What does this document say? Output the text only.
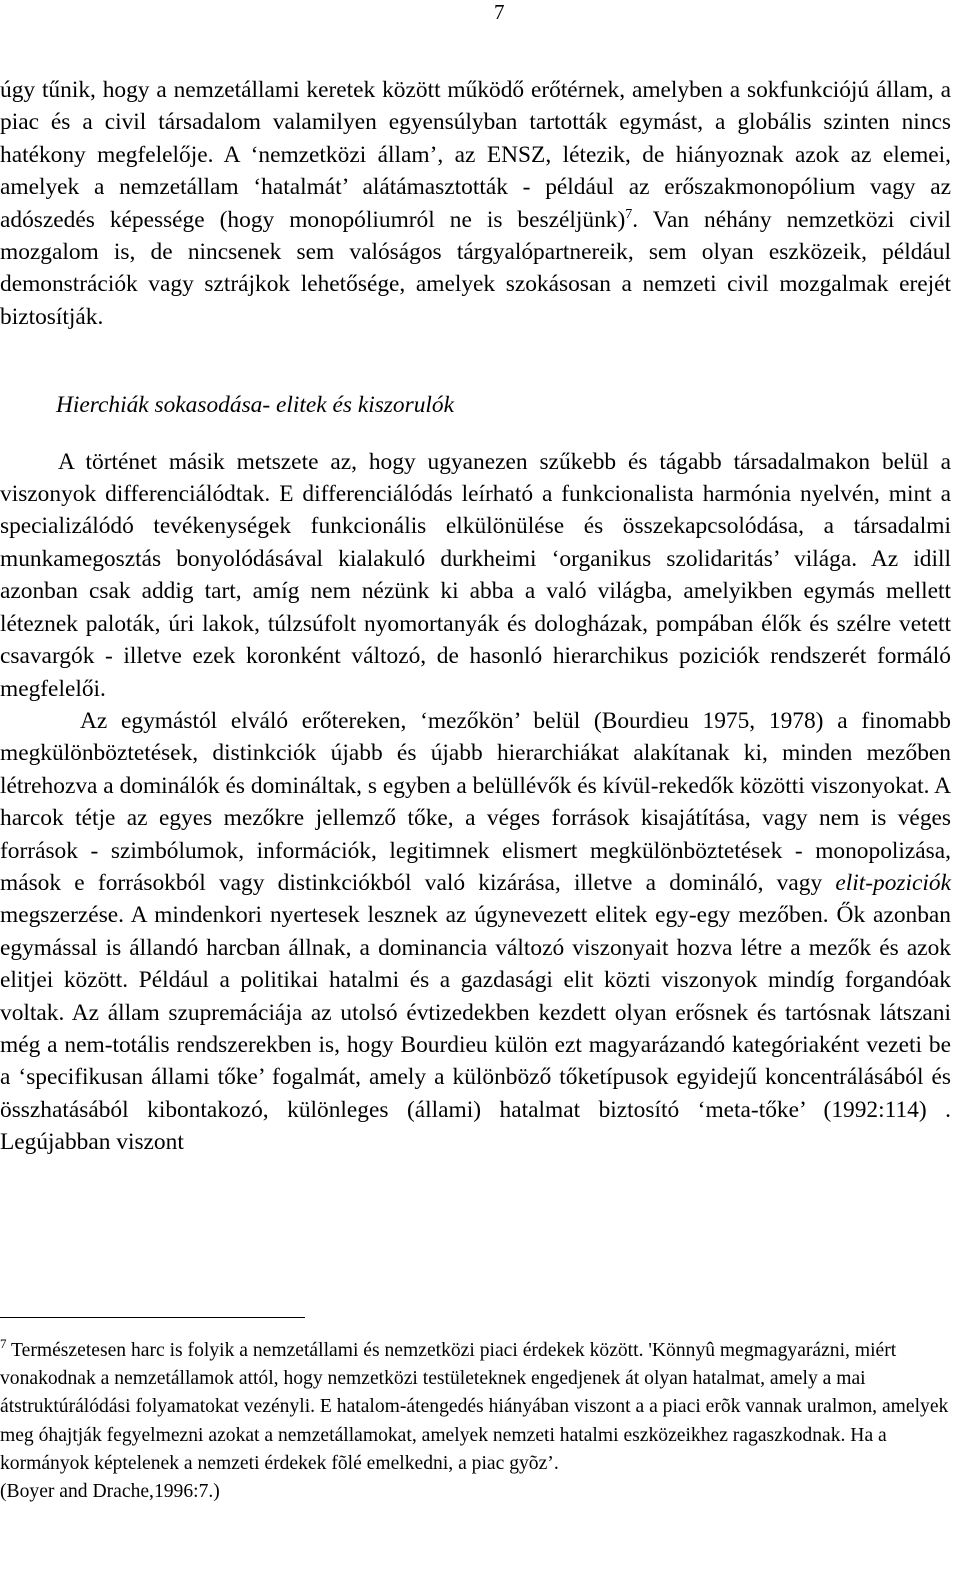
7

úgy tűnik, hogy a nemzetállami keretek között működő erőtérnek, amelyben a sokfunkciójú állam, a piac és a civil társadalom valamilyen egyensúlyban tartották egymást, a globális szinten nincs hatékony megfelelője. A ‘nemzetközi állam’, az ENSZ, létezik, de hiányoznak azok az elemei, amelyek a nemzetállam ‘hatalmát’ alátámasztották - például az erőszakmonopólium vagy az adószedés képessége (hogy monopóliumról ne is beszéljünk)$^7$. Van néhány nemzetközi civil mozgalom is, de nincsenek sem valóságos tárgyalópartnereik, sem olyan eszközeik, például demonstrációk vagy sztrájkok lehetősége, amelyek szokásosan a nemzeti civil mozgalmak erejét biztosítják.

Hierchiák sokasodása- elitek és kiszorulók

A történet másik metszete az, hogy ugyanezen szűkebb és tágabb társadalmakon belül a viszonyok differenciálódtak. E differenciálódás leírható a funkcionalista harmónia nyelvén, mint a specializálódó tevékenységek funkcionális elkülönülése és összekapcsolódása, a társadalmi munkamegosztás bonyolódásával kialakuló durkheimi ‘organikus szolidaritás’ világa. Az idill azonban csak addig tart, amíg nem nézünk ki abba a való világba, amelyikben egymás mellett léteznek paloták, úri lakok, túlzsúfolt nyomortanyák és dologházak, pompában élők és szélre vetett csavargók - illetve ezek koronként változó, de hasonló hierarchikus poziciók rendszerét formáló megfelelői.

Az egymástól elváló erőtereken, ‘mezőkön’ belül (Bourdieu 1975, 1978) a finomabb megkülönböztetések, distinkciók újabb és újabb hierarchiákat alakítanak ki, minden mezőben létrehozva a dominálók és domináltak, s egyben a belüllévők és kívül-rekedők közötti viszonyokat. A harcok tétje az egyes mezőkre jellemző tőke, a véges források kisajátítása, vagy nem is véges források - szimbólumok, információk, legitimnek elismert megkülönböztetések - monopolizása, mások e forrásokból vagy distinkciókból való kizárása, illetve a domináló, vagy elit-poziciók megszerzése. A mindenkori nyertesek lesznek az úgynevezett elitek egy-egy mezőben. Ők azonban egymással is állandó harcban állnak, a dominancia változó viszonyait hozva létre a mezők és azok elitjei között. Például a politikai hatalmi és a gazdasági elit közti viszonyok mindíg forgandóak voltak. Az állam szupremáciája az utolsó évtizedekben kezdett olyan erősnek és tartósnak látszani még a nem-totális rendszerekben is, hogy Bourdieu külön ezt magyarázandó kategóriaként vezeti be a ‘specifikusan állami tőke’ fogalmát, amely a különböző tőketípusok egyidejű koncentrálásából és összhatásából kibontakozó, különleges (állami) hatalmat biztosító ‘meta-tőke’ (1992:114) . Legújabban viszont

$^7$ Természetesen harc is folyik a nemzetállami és nemzetközi piaci érdekek között. 'Könnyû megmagyarázni, miért vonakodnak a nemzetállamok attól, hogy nemzetközi testületeknek engedjenek át olyan hatalmat, amely a mai átstruktúrálódási folyamatokat vezényli. E hatalom-átengedés hiányában viszont a a piaci erõk vannak uralmon, amelyek meg óhajtják fegyelmezni azokat a nemzetállamokat, amelyek nemzeti hatalmi eszközeikhez ragaszkodnak. Ha a kormányok képtelenek a nemzeti érdekek fõlé emelkedni, a piac gyõz’.

(Boyer and Drache,1996:7.)
